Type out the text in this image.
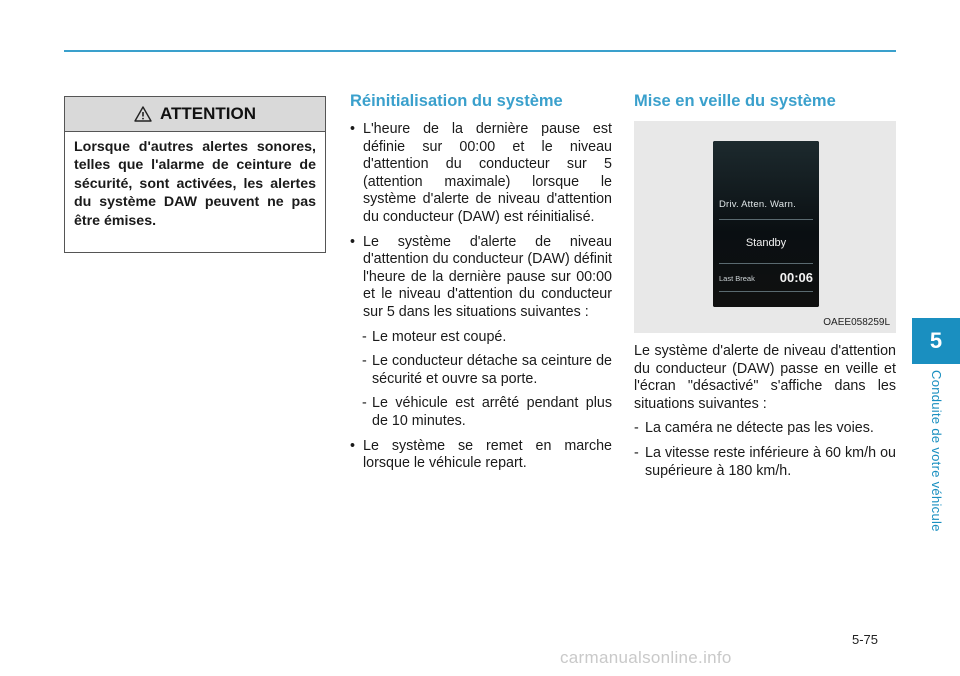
5
Conduite de votre véhicule
ATTENTION
Lorsque d'autres alertes sonores, telles que l'alarme de ceinture de sécurité, sont activées, les alertes du système DAW peuvent ne pas être émises.
Réinitialisation du système
• L'heure de la dernière pause est définie sur 00:00 et le niveau d'attention du conducteur sur 5 (attention maximale) lorsque le système d'alerte de niveau d'attention du conducteur (DAW) est réinitialisé.
• Le système d'alerte de niveau d'attention du conducteur (DAW) définit l'heure de la dernière pause sur 00:00 et le niveau d'attention du conducteur sur 5 dans les situations suivantes :
- Le moteur est coupé.
- Le conducteur détache sa ceinture de sécurité et ouvre sa porte.
- Le véhicule est arrêté pendant plus de 10 minutes.
• Le système se remet en marche lorsque le véhicule repart.
Mise en veille du système
Driv. Atten. Warn.
Standby
Last Break 00:06
OAEE058259L

Le système d'alerte de niveau d'attention du conducteur (DAW) passe en veille et l'écran "désactivé" s'affiche dans les situations suivantes :

- La caméra ne détecte pas les voies.
- La vitesse reste inférieure à 60 km/h ou supérieure à 180 km/h.
5-75
carmanualsonline.info
